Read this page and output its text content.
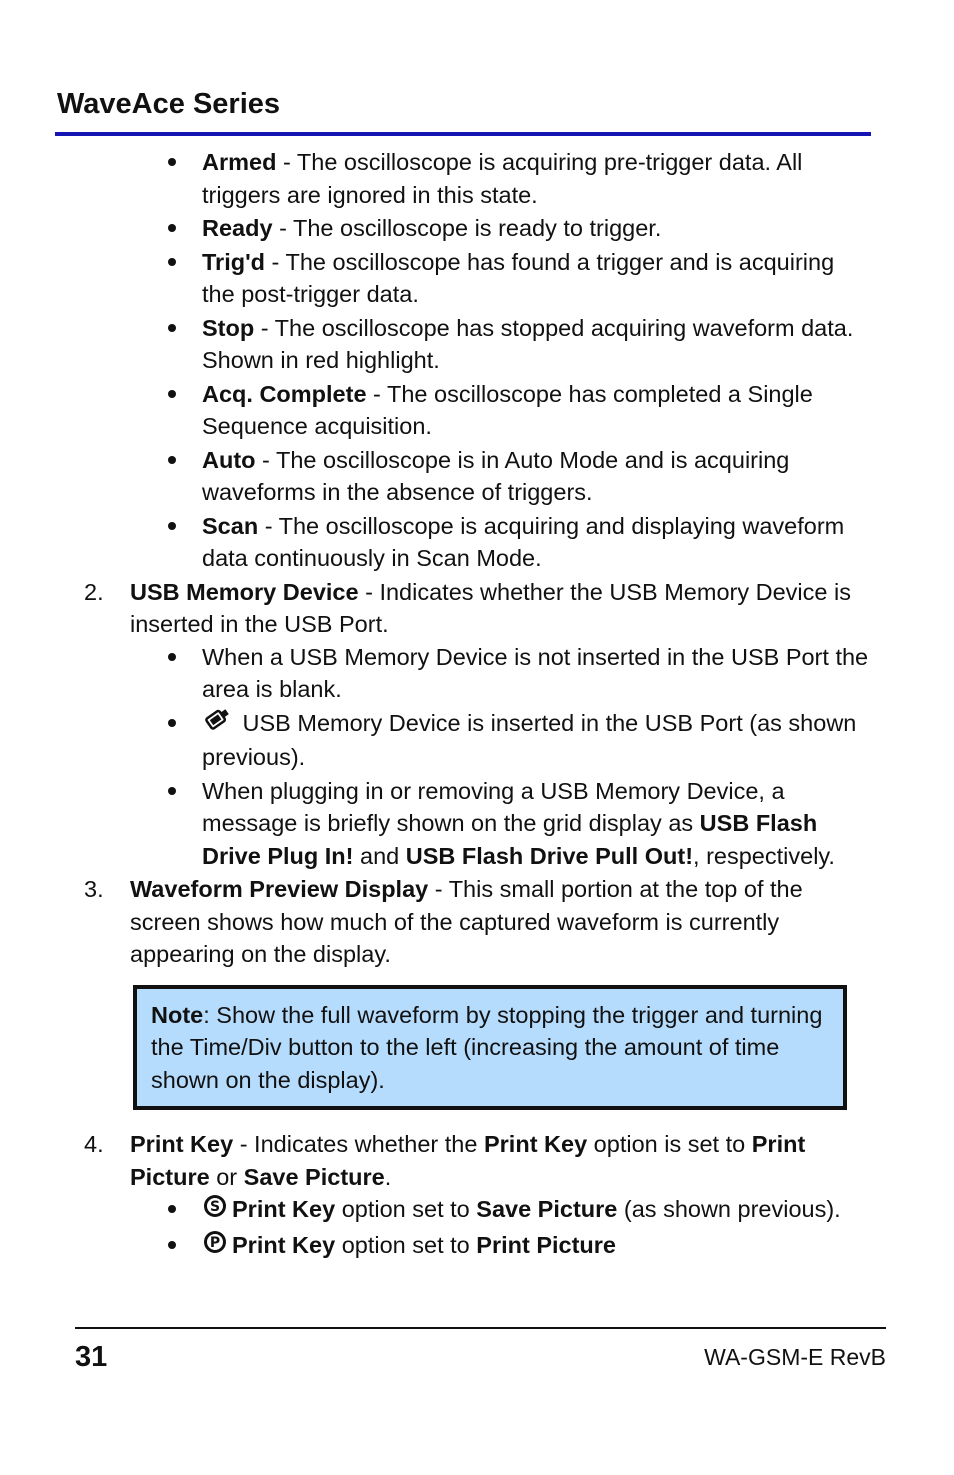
WaveAce Series
Armed - The oscilloscope is acquiring pre-trigger data. All triggers are ignored in this state.
Ready - The oscilloscope is ready to trigger.
Trig'd - The oscilloscope has found a trigger and is acquiring the post-trigger data.
Stop - The oscilloscope has stopped acquiring waveform data. Shown in red highlight.
Acq. Complete - The oscilloscope has completed a Single Sequence acquisition.
Auto - The oscilloscope is in Auto Mode and is acquiring waveforms in the absence of triggers.
Scan - The oscilloscope is acquiring and displaying waveform data continuously in Scan Mode.
2. USB Memory Device - Indicates whether the USB Memory Device is inserted in the USB Port.
When a USB Memory Device is not inserted in the USB Port the area is blank.
USB Memory Device is inserted in the USB Port (as shown previous).
When plugging in or removing a USB Memory Device, a message is briefly shown on the grid display as USB Flash Drive Plug In! and USB Flash Drive Pull Out!, respectively.
3. Waveform Preview Display - This small portion at the top of the screen shows how much of the captured waveform is currently appearing on the display.
Note: Show the full waveform by stopping the trigger and turning the Time/Div button to the left (increasing the amount of time shown on the display).
4. Print Key - Indicates whether the Print Key option is set to Print Picture or Save Picture.
S Print Key option set to Save Picture (as shown previous).
P Print Key option set to Print Picture
31	WA-GSM-E RevB
